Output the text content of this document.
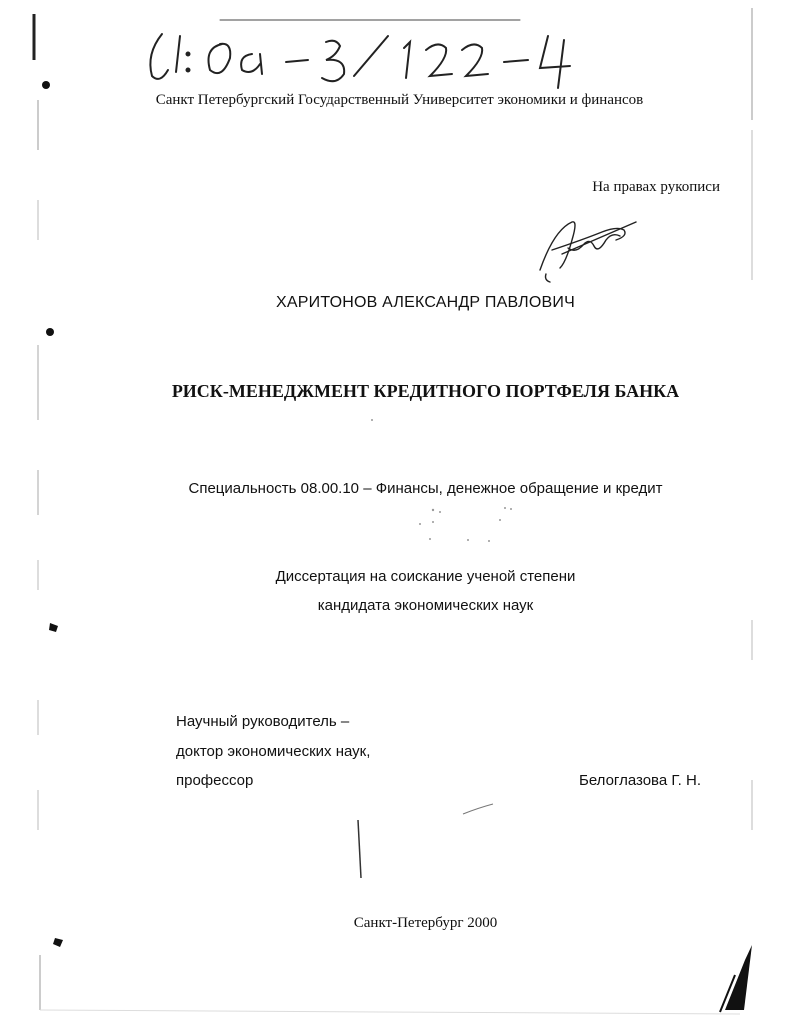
Санкт Петербургский Государственный Университет экономики и финансов
На правах рукописи
ХАРИТОНОВ АЛЕКСАНДР ПАВЛОВИЧ
РИСК-МЕНЕДЖМЕНТ КРЕДИТНОГО ПОРТФЕЛЯ БАНКА
Специальность 08.00.10 – Финансы, денежное обращение и кредит
Диссертация на соискание ученой степени
кандидата экономических наук
Научный руководитель –
доктор экономических наук,
профессор	Белоглазова Г. Н.
Санкт-Петербург 2000
